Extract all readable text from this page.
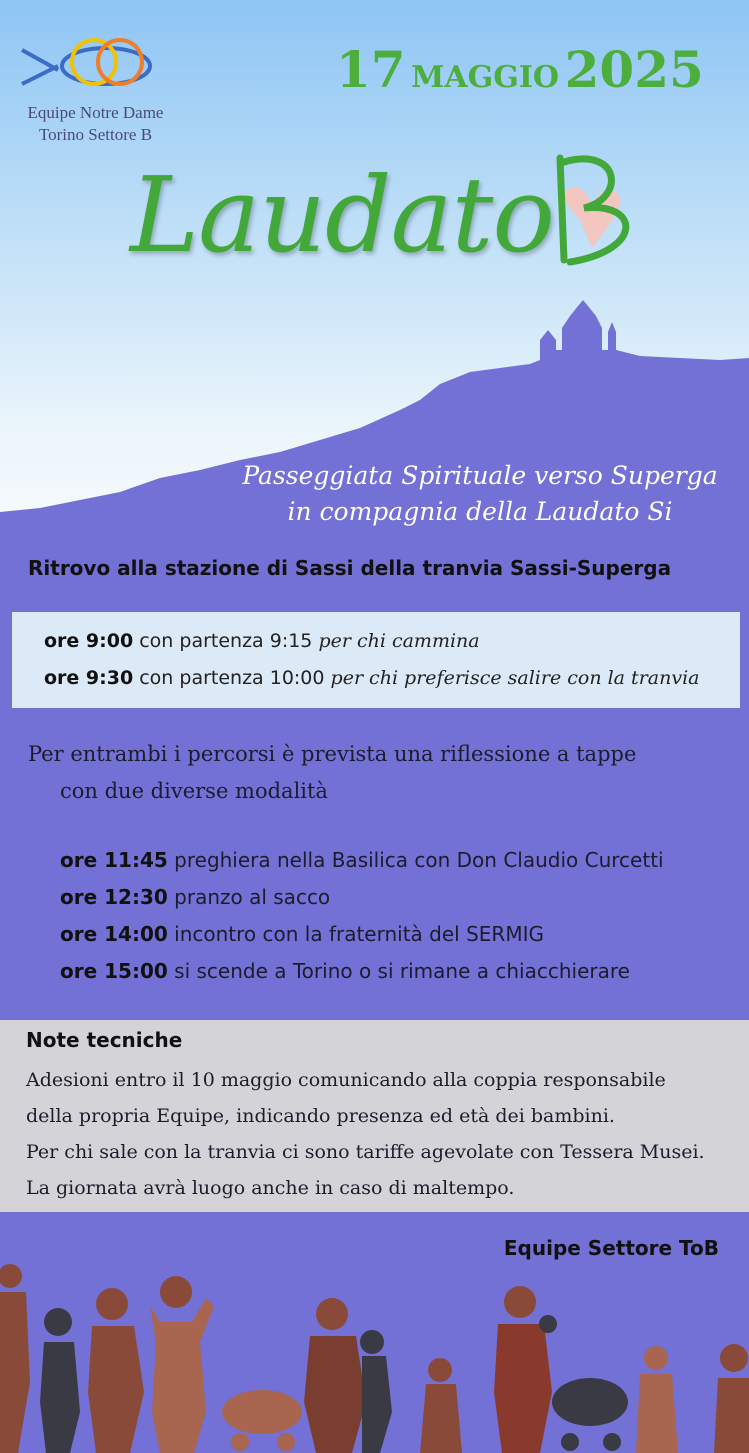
Equipe Notre Dame
Torino Settore B
17 MAGGIO 2025
Laudato
Passeggiata Spirituale verso Superga
in compagnia della Laudato Si
Ritrovo alla stazione di Sassi della tranvia Sassi-Superga
ore 9:00 con partenza 9:15 per chi cammina
ore 9:30 con partenza 10:00 per chi preferisce salire con la tranvia
Per entrambi i percorsi è prevista una riflessione a tappe
con due diverse modalità
ore 11:45 preghiera nella Basilica con Don Claudio Curcetti
ore 12:30 pranzo al sacco
ore 14:00 incontro con la fraternità del SERMIG
ore 15:00 si scende a Torino o si rimane a chiacchierare
Note tecniche
Adesioni entro il 10 maggio comunicando alla coppia responsabile
della propria Equipe, indicando presenza ed età dei bambini.
Per chi sale con la tranvia ci sono tariffe agevolate con Tessera Musei.
La giornata avrà luogo anche in caso di maltempo.
Equipe Settore ToB
